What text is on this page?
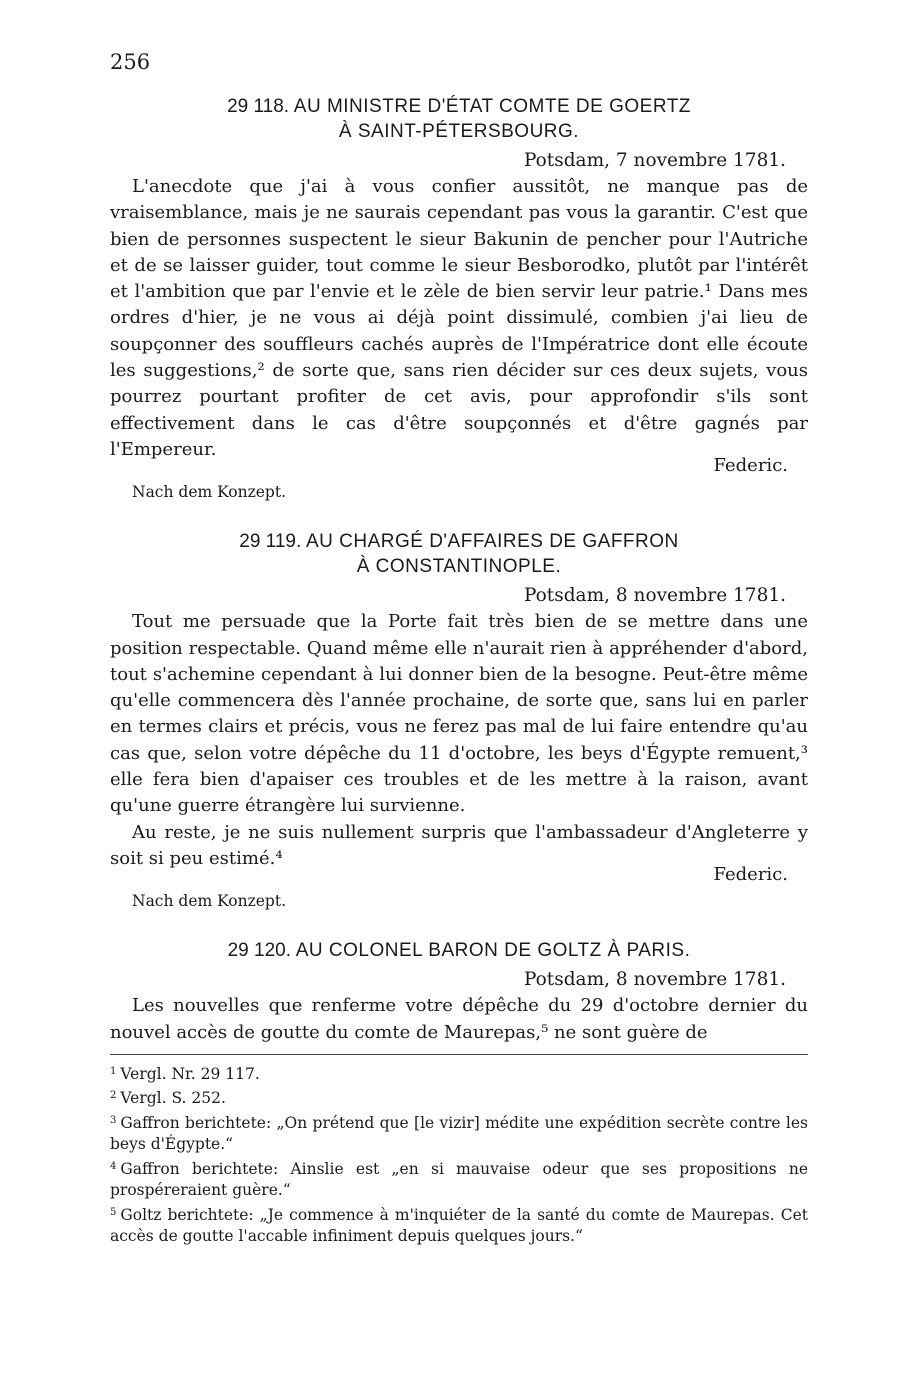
256
29 118. AU MINISTRE D'ÉTAT COMTE DE GOERTZ
À SAINT-PÉTERSBOURG.
Potsdam, 7 novembre 1781.

L'anecdote que j'ai à vous confier aussitôt, ne manque pas de vraisemblance, mais je ne saurais cependant pas vous la garantir. C'est que bien de personnes suspectent le sieur Bakunin de pencher pour l'Autriche et de se laisser guider, tout comme le sieur Besborodko, plutôt par l'intérêt et l'ambition que par l'envie et le zèle de bien servir leur patrie.¹ Dans mes ordres d'hier, je ne vous ai déjà point dissimulé, combien j'ai lieu de soupçonner des souffleurs cachés auprès de l'Impératrice dont elle écoute les suggestions,² de sorte que, sans rien décider sur ces deux sujets, vous pourrez pourtant profiter de cet avis, pour approfondir s'ils sont effectivement dans le cas d'être soupçonnés et d'être gagnés par l'Empereur.

Federic.
Nach dem Konzept.
29 119. AU CHARGÉ D'AFFAIRES DE GAFFRON
À CONSTANTINOPLE.
Potsdam, 8 novembre 1781.

Tout me persuade que la Porte fait très bien de se mettre dans une position respectable. Quand même elle n'aurait rien à appréhender d'abord, tout s'achemine cependant à lui donner bien de la besogne. Peut-être même qu'elle commencera dès l'année prochaine, de sorte que, sans lui en parler en termes clairs et précis, vous ne ferez pas mal de lui faire entendre qu'au cas que, selon votre dépêche du 11 d'octobre, les beys d'Égypte remuent,³ elle fera bien d'apaiser ces troubles et de les mettre à la raison, avant qu'une guerre étrangère lui survienne.

Au reste, je ne suis nullement surpris que l'ambassadeur d'Angleterre y soit si peu estimé.⁴

Federic.
Nach dem Konzept.
29 120. AU COLONEL BARON DE GOLTZ À PARIS.
Potsdam, 8 novembre 1781.

Les nouvelles que renferme votre dépêche du 29 d'octobre dernier du nouvel accès de goutte du comte de Maurepas,⁵ ne sont guère de

$^1$ Vergl. Nr. 29 117.

$^2$ Vergl. S. 252.

$^3$ Gaffron berichtete: „On prétend que [le vizir] médite une expédition secrète contre les beys d'Égypte.“

$^4$ Gaffron berichtete: Ainslie est „en si mauvaise odeur que ses propositions ne prospéreraient guère.“

$^5$ Goltz berichtete: „Je commence à m'inquiéter de la santé du comte de Maurepas. Cet accès de goutte l'accable infiniment depuis quelques jours.“
